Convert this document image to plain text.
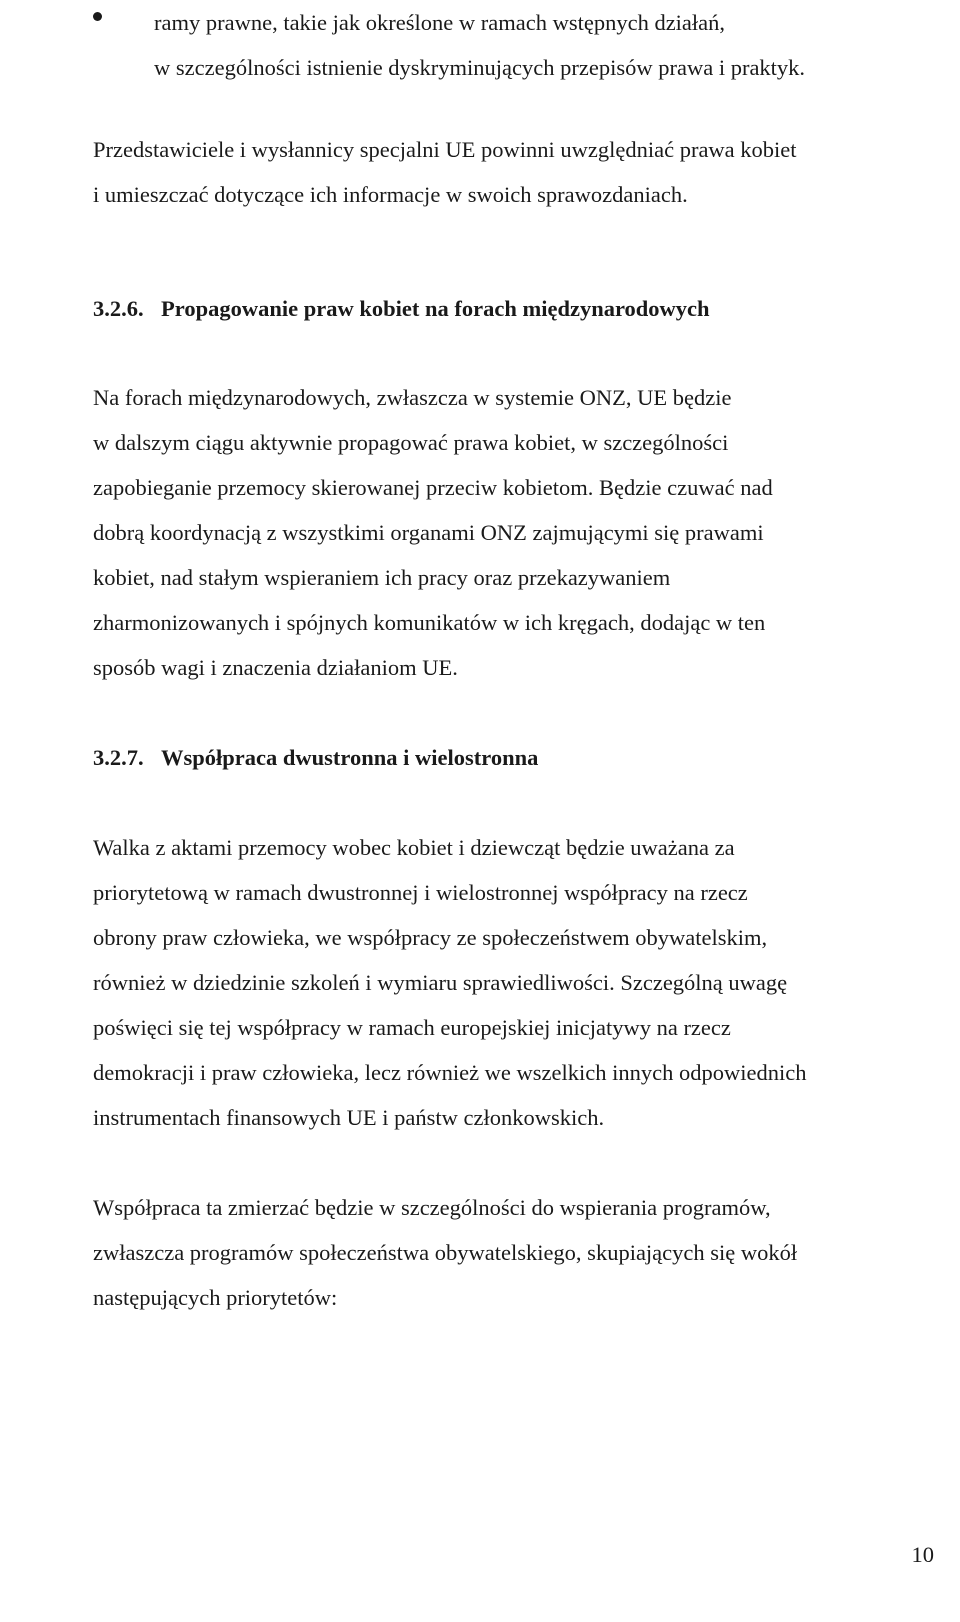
ramy prawne, takie jak określone w ramach wstępnych działań,
w szczególności istnienie dyskryminujących przepisów prawa i praktyk.
Przedstawiciele i wysłannicy specjalni UE powinni uwzględniać prawa kobiet
i umieszczać dotyczące ich informacje w swoich sprawozdaniach.
3.2.6. Propagowanie praw kobiet na forach międzynarodowych
Na forach międzynarodowych, zwłaszcza w systemie ONZ, UE będzie
w dalszym ciągu aktywnie propagować prawa kobiet, w szczególności
zapobieganie przemocy skierowanej przeciw kobietom. Będzie czuwać nad
dobrą koordynacją z wszystkimi organami ONZ zajmującymi się prawami
kobiet, nad stałym wspieraniem ich pracy oraz przekazywaniem
zharmonizowanych i spójnych komunikatów w ich kręgach, dodając w ten
sposób wagi i znaczenia działaniom UE.
3.2.7. Współpraca dwustronna i wielostronna
Walka z aktami przemocy wobec kobiet i dziewcząt będzie uważana za
priorytetową w ramach dwustronnej i wielostronnej współpracy na rzecz
obrony praw człowieka, we współpracy ze społeczeństwem obywatelskim,
również w dziedzinie szkoleń i wymiaru sprawiedliwości. Szczególną uwagę
poświęci się tej współpracy w ramach europejskiej inicjatywy na rzecz
demokracji i praw człowieka, lecz również we wszelkich innych odpowiednich
instrumentach finansowych UE i państw członkowskich.
Współpraca ta zmierzać będzie w szczególności do wspierania programów,
zwłaszcza programów społeczeństwa obywatelskiego, skupiających się wokół
następujących priorytetów:
10
